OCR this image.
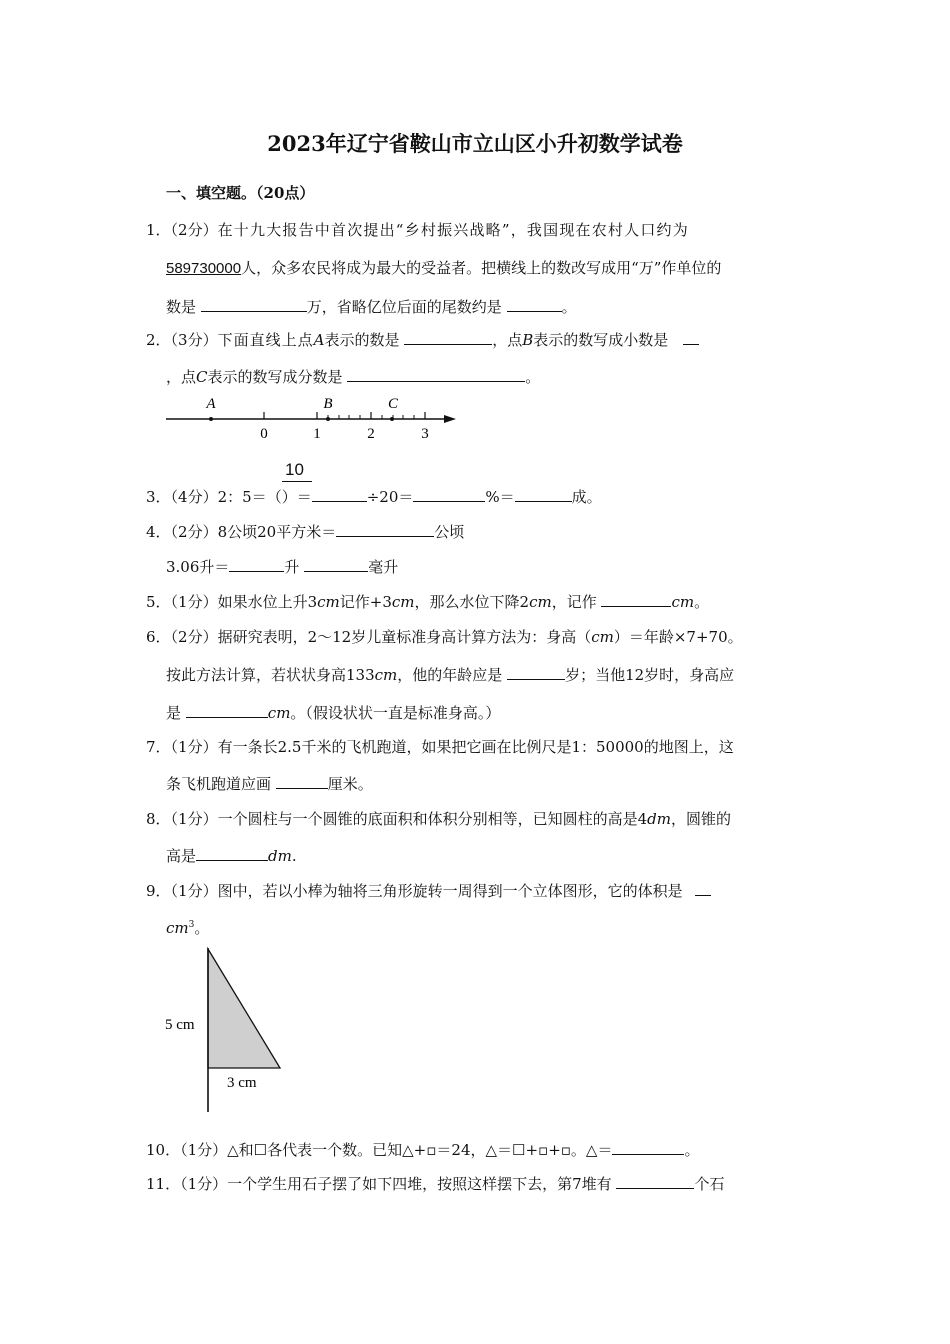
2023年辽宁省鞍山市立山区小升初数学试卷
一、填空题。（20点）
1．（2分）在十九大报告中首次提出“乡村振兴战略”，我国现在农村人口约为
589730000人，众多农民将成为最大的受益者。把横线上的数改写成用“万”作单位的
数是	万，省略亿位后面的尾数约是	。
2．（3分）下面直线上点A表示的数是	，点B表示的数写成小数是
，点C表示的数写成分数是	。
A	B	C
0	1	2	3
10
3．（4分）2：5＝（）＝	÷20＝	%＝	成。
4．（2分）8公顷20平方米＝	公顷
3.06升＝	升	毫升
5．（1分）如果水位上升3cm记作+3cm，那么水位下降2cm，记作	cm。
6．（2分）据研究表明，2～12岁儿童标准身高计算方法为：身高（cm）＝年龄×7+70。
按此方法计算，若状状身高133cm，他的年龄应是	岁；当他12岁时，身高应
是	cm。（假设状状一直是标准身高。）
7．（1分）有一条长2.5千米的飞机跑道，如果把它画在比例尺是1：50000的地图上，这
条飞机跑道应画	厘米。
8．（1分）一个圆柱与一个圆锥的底面积和体积分别相等，已知圆柱的高是4dm，圆锥的
高是	dm.
9．（1分）图中，若以小棒为轴将三角形旋转一周得到一个立体图形，它的体积是
$cm^3$。
5 cm
3 cm
10．（1分）△和☐各代表一个数。已知△+▫＝24，△＝☐+▫+▫。△＝	。
11．（1分）一个学生用石子摆了如下四堆，按照这样摆下去，第7堆有	个石
